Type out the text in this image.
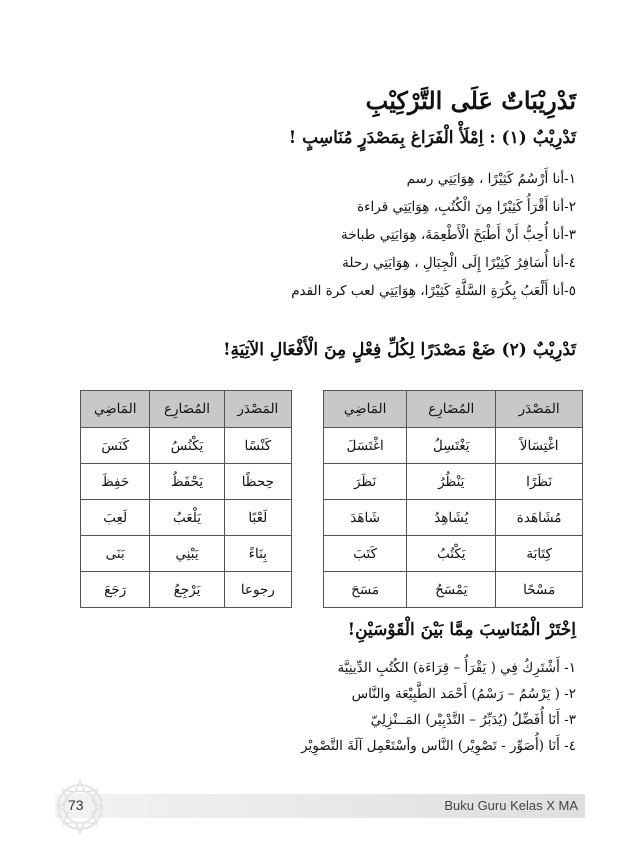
تَدْرِيْبَاتٌ عَلَى التَّرْكِيْبِ
تَدْرِيْبٌ (١) : اِمْلَأْ الْفَرَاغ بِمَصْدَرٍ مُنَاسِبٍ !
١-أنا أَرْسُمُ كَثِيْرًا ، هِوَايَتِي رسم
٢-أنا أَقْرَأُ كَثِيْرًا مِنَ الْكُتُبِ، هِوَايَتِي قراءة
٣-أنا أُحِبُّ أَنْ أَطْبَخَ الْأَطْعِمَةَ، هِوَايَتِي طباخة
٤-أنا أُسَافِرُ كَثِيْرًا إِلَى الْجِبَالِ ، هِوَايَتِي رحلة
٥-أنا أَلْعَبُ بِكُرَةِ السَّلَّةِ كَثِيْرًا، هِوَايَتِي لعب كرة القدم
تَدْرِيْبٌ (٢) ضَعْ مَصْدَرًا لِكُلِّ فِعْلٍ مِنَ الْأَفْعَالِ الآتِيَةِ!
المَصْدَر	المُضَارِع	المَاضِي
اغْتِسَالاً	يَغْتَسِلُ	اغْتَسَلَ
نَظَرًا	يَنْظُرُ	نَظَرَ
مُشَاهَدة	يُشَاهِدُ	شَاهَدَ
كِتَابَة	يَكْتُبُ	كَتَبَ
مَسْحًا	يَمْسَحُ	مَسَحَ
المَصْدَر	المُضَارِع	المَاضِي
كَنْسًا	يَكْنُسُ	كَنَسَ
حِحظًا	يَحْفَظُ	حَفِظَ
لَعْبًا	يَلْعَبُ	لَعِبَ
بِنَاءً	يَبْنِي	بَنَى
رجوعا	يَرْجِعُ	رَجَعَ
اِخْتَرْ الْمُنَاسِبَ مِمَّا بَيْنَ الْقَوْسَيْنِ!
١- أَشْتَرِكُ فِي ( يَقْرَأُ – قِرَاءَة) الكُتُبِ الدِّينِيَّة
٢- ( يَرْسُمُ – رَسْمُ) أَحْمَد الطَّبِيْعَة والنَّاس
٣- أَنَا أُفَضِّلُ (يُدَبِّرُ – التَّدْبِيْر) المَــنْزِلِيّ
٤- أَنَا (أُصَوِّر - تَصْوِيْر) النَّاس وأسْتَعْمِل آلَةَ التَّصْوِيْر
73	Buku Guru Kelas X MA
